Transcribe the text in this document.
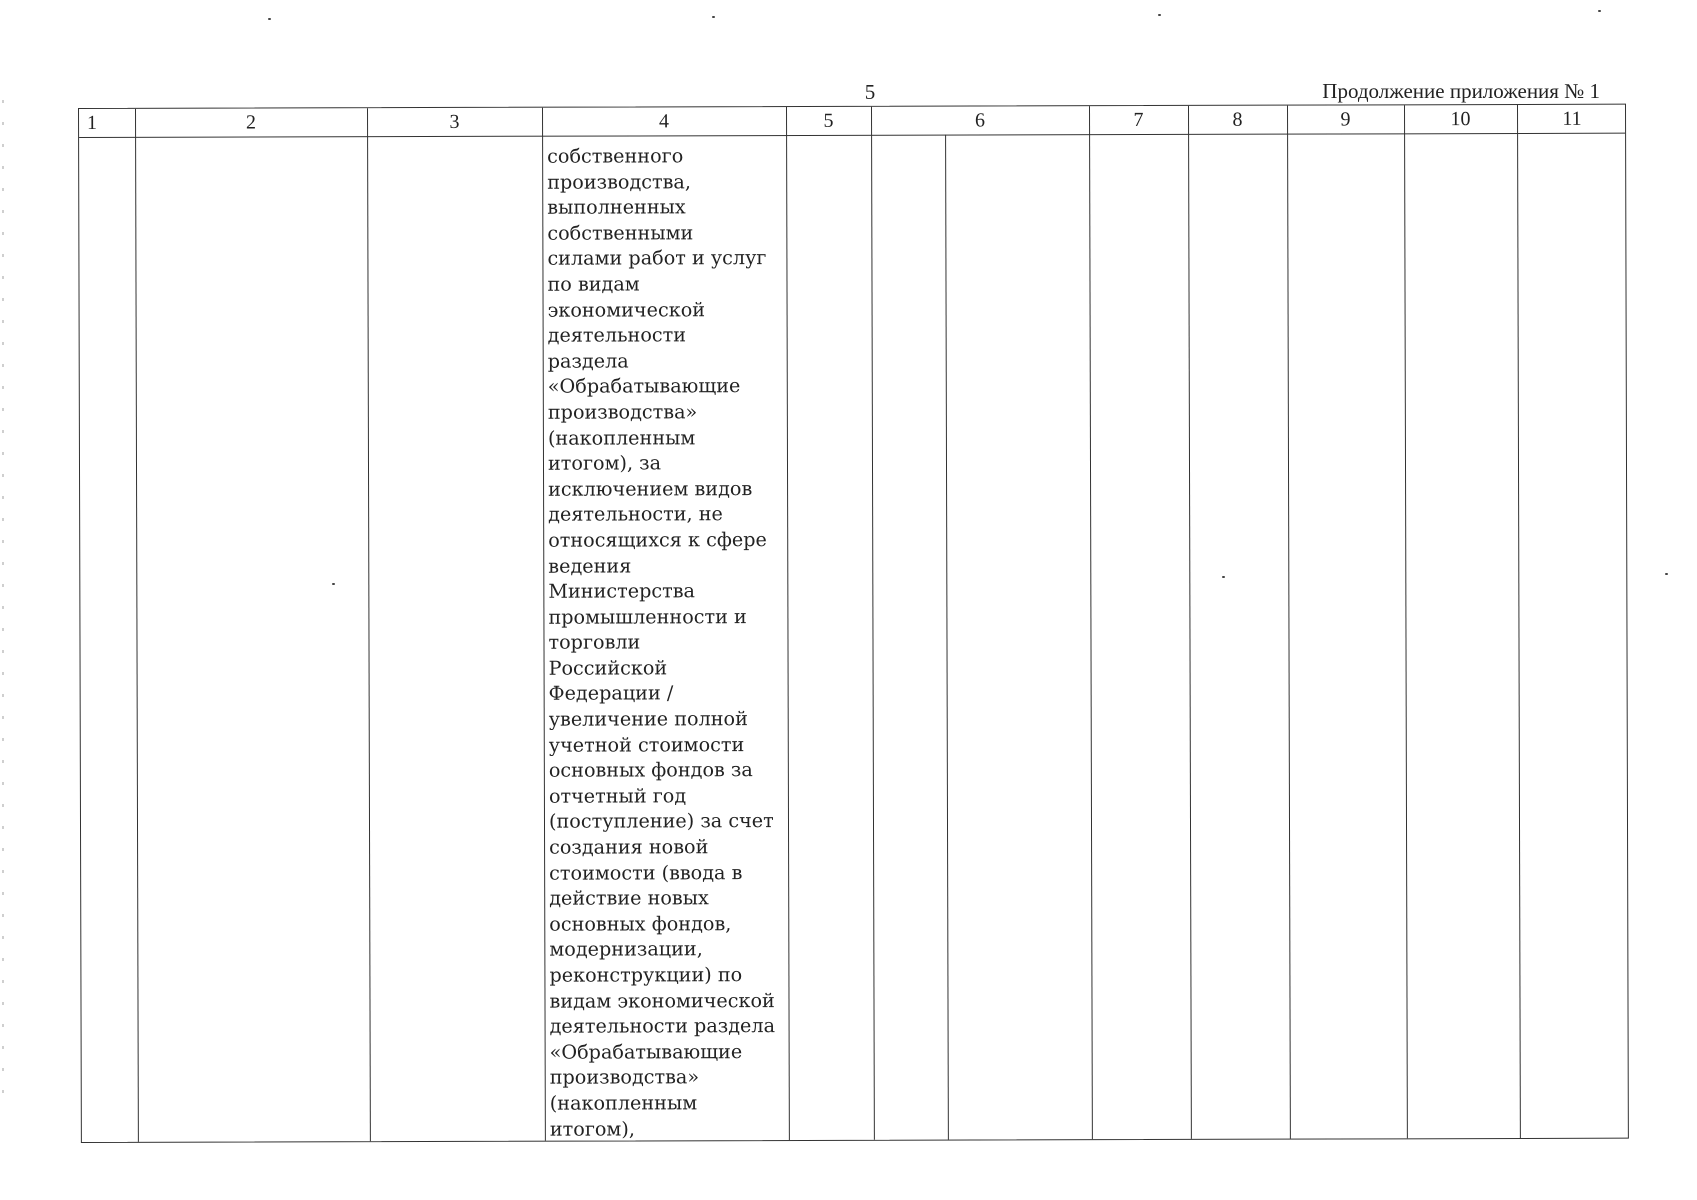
5	Продолжение приложения № 1
1	2	3	4	5	6	7	8	9	10	11
собственного
производства,
выполненных
собственными
силами работ и услуг
по видам
экономической
деятельности
раздела
«Обрабатывающие
производства»
(накопленным
итогом), за
исключением видов
деятельности, не
относящихся к сфере
ведения Министерства
промышленности и
торговли
Российской
Федерации /
увеличение полной
учетной стоимости
основных фондов за
отчетный год
(поступление) за счет
создания новой
стоимости (ввода в
действие новых
основных фондов,
модернизации,
реконструкции) по
видам экономической
деятельности раздела
«Обрабатывающие
производства»
(накопленным итогом),
